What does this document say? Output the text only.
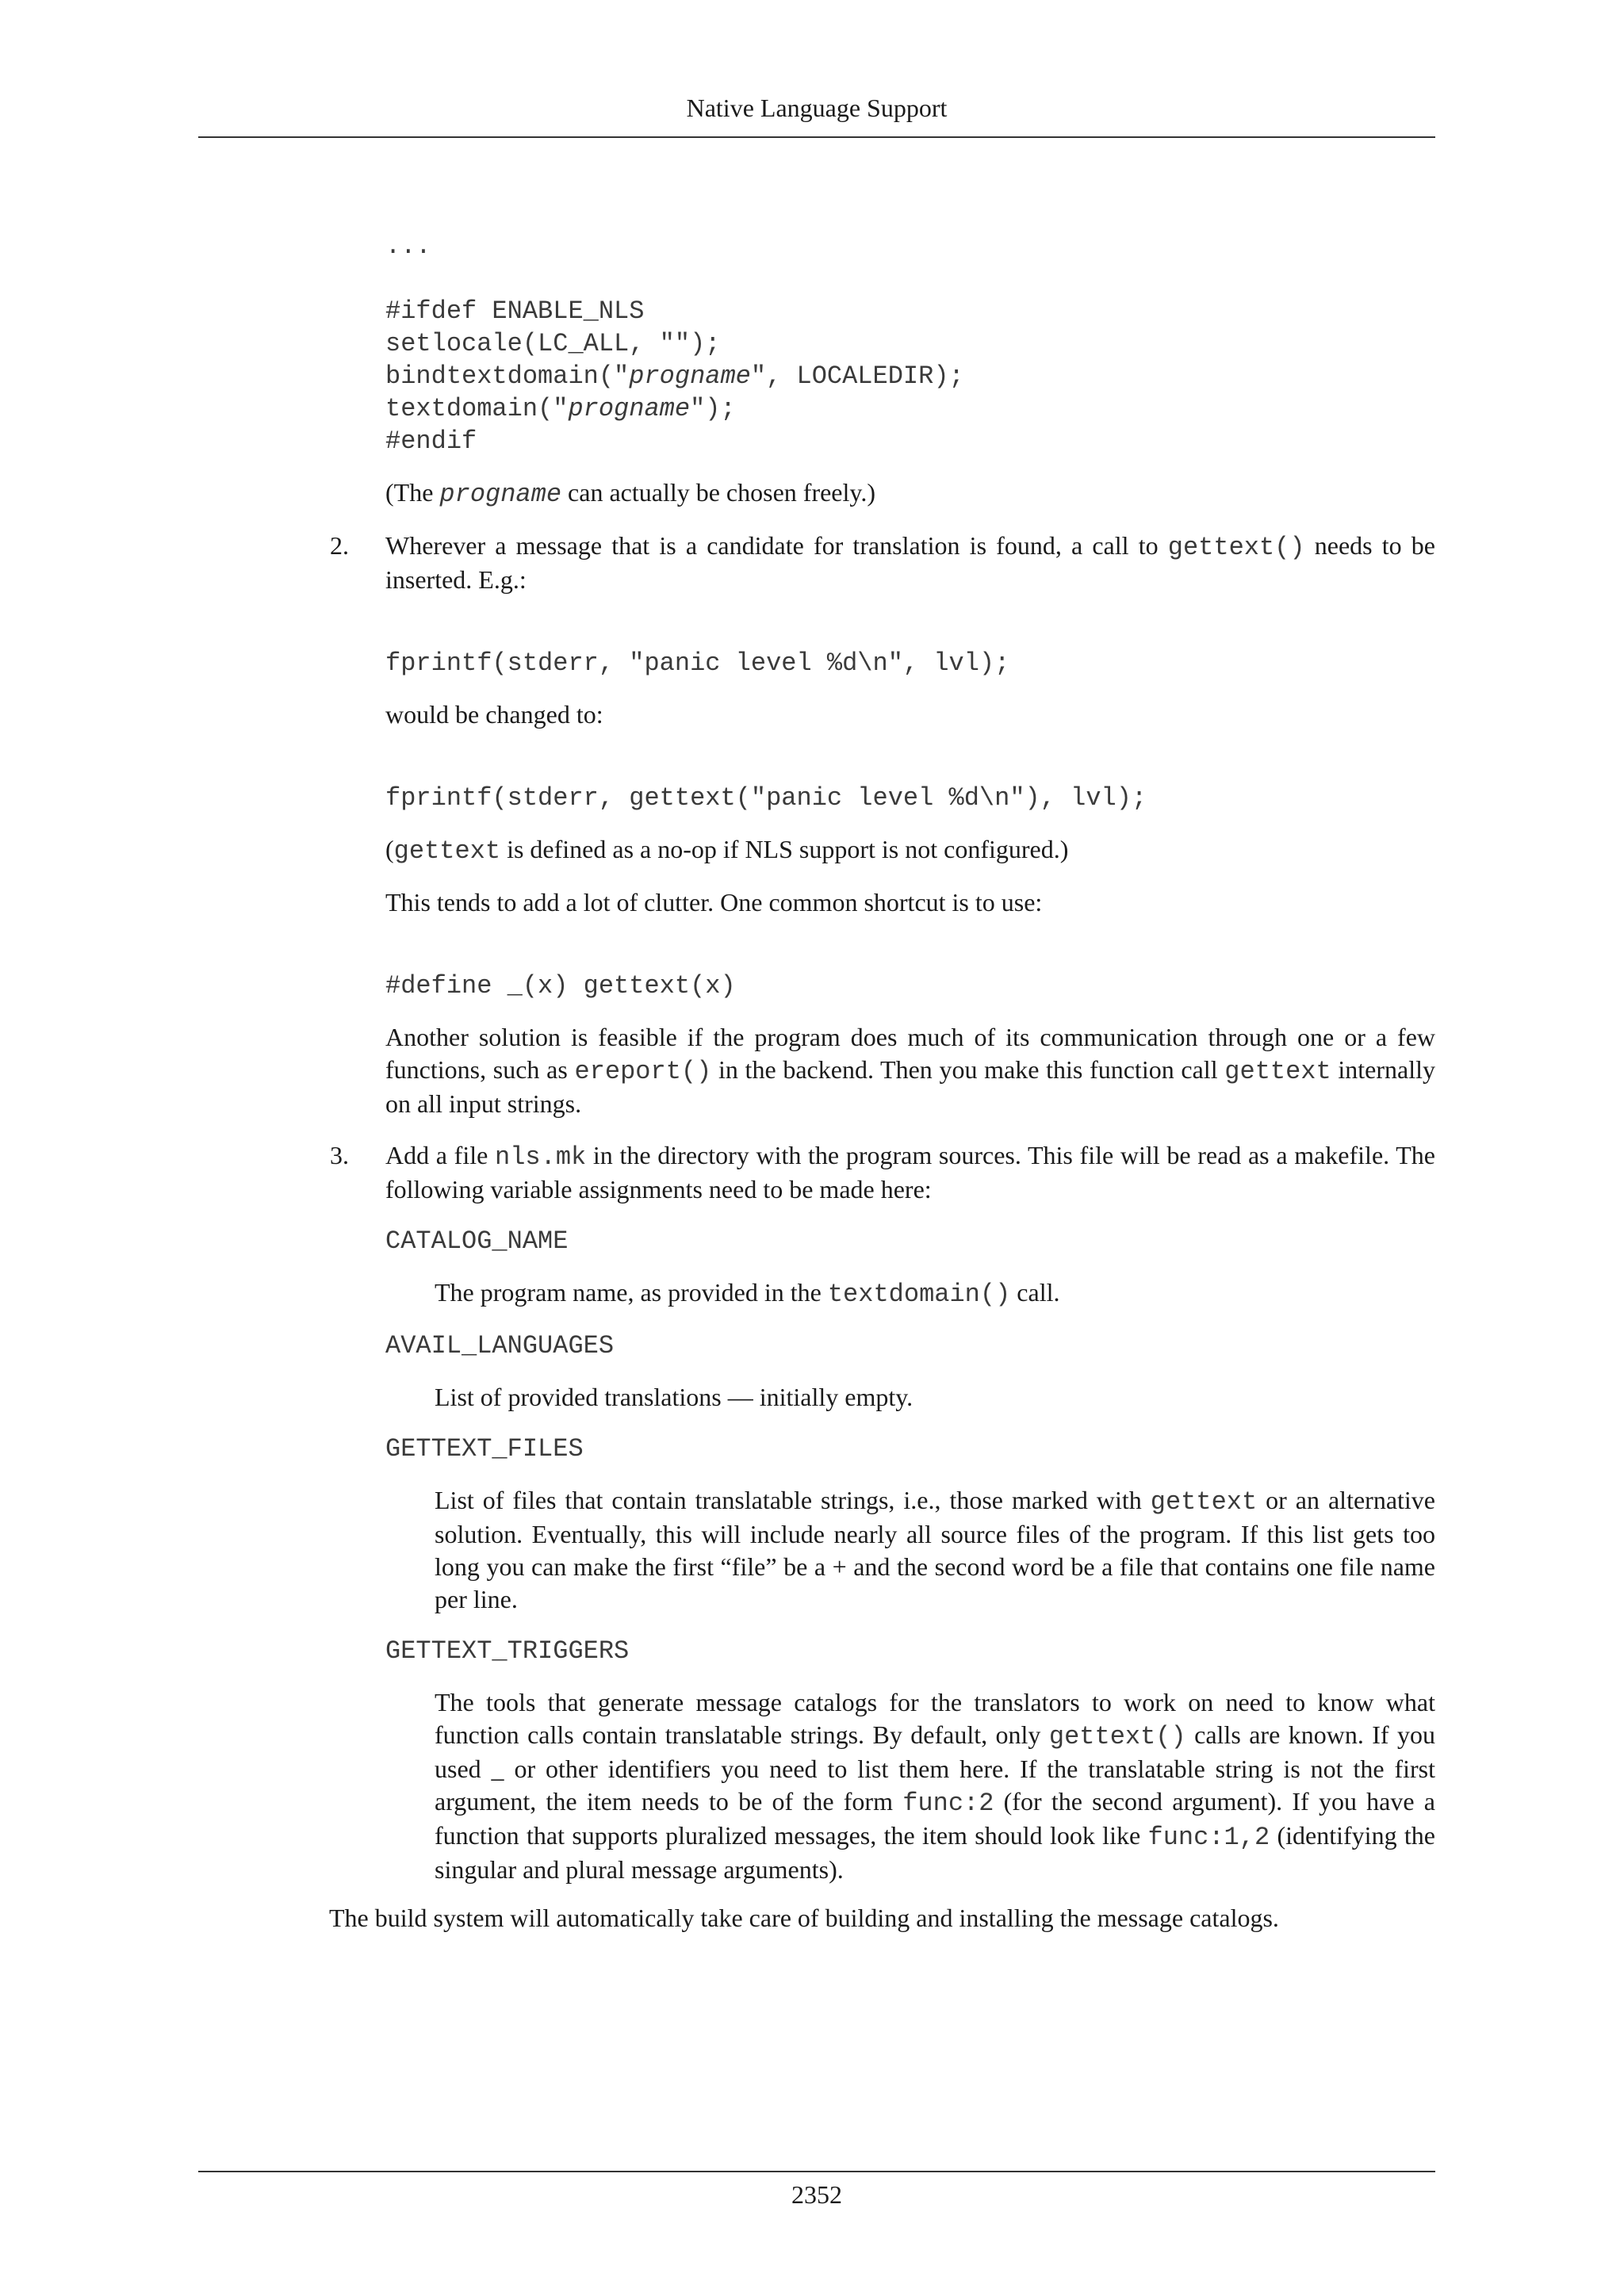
Native Language Support
...

#ifdef ENABLE_NLS
setlocale(LC_ALL, "");
bindtextdomain("progname", LOCALEDIR);
textdomain("progname");
#endif

(The progname can actually be chosen freely.)

2. Wherever a message that is a candidate for translation is found, a call to gettext() needs to be inserted. E.g.:

fprintf(stderr, "panic level %d\n", lvl);

would be changed to:

fprintf(stderr, gettext("panic level %d\n"), lvl);

(gettext is defined as a no-op if NLS support is not configured.)

This tends to add a lot of clutter. One common shortcut is to use:

#define _(x) gettext(x)

Another solution is feasible if the program does much of its communication through one or a few functions, such as ereport() in the backend. Then you make this function call gettext internally on all input strings.

3. Add a file nls.mk in the directory with the program sources. This file will be read as a makefile. The following variable assignments need to be made here:

CATALOG_NAME

The program name, as provided in the textdomain() call.

AVAIL_LANGUAGES

List of provided translations — initially empty.

GETTEXT_FILES

List of files that contain translatable strings, i.e., those marked with gettext or an alternative solution. Eventually, this will include nearly all source files of the program. If this list gets too long you can make the first “file” be a + and the second word be a file that contains one file name per line.

GETTEXT_TRIGGERS

The tools that generate message catalogs for the translators to work on need to know what function calls contain translatable strings. By default, only gettext() calls are known. If you used _ or other identifiers you need to list them here. If the translatable string is not the first argument, the item needs to be of the form func:2 (for the second argument). If you have a function that supports pluralized messages, the item should look like func:1,2 (identifying the singular and plural message arguments).

The build system will automatically take care of building and installing the message catalogs.

2352
